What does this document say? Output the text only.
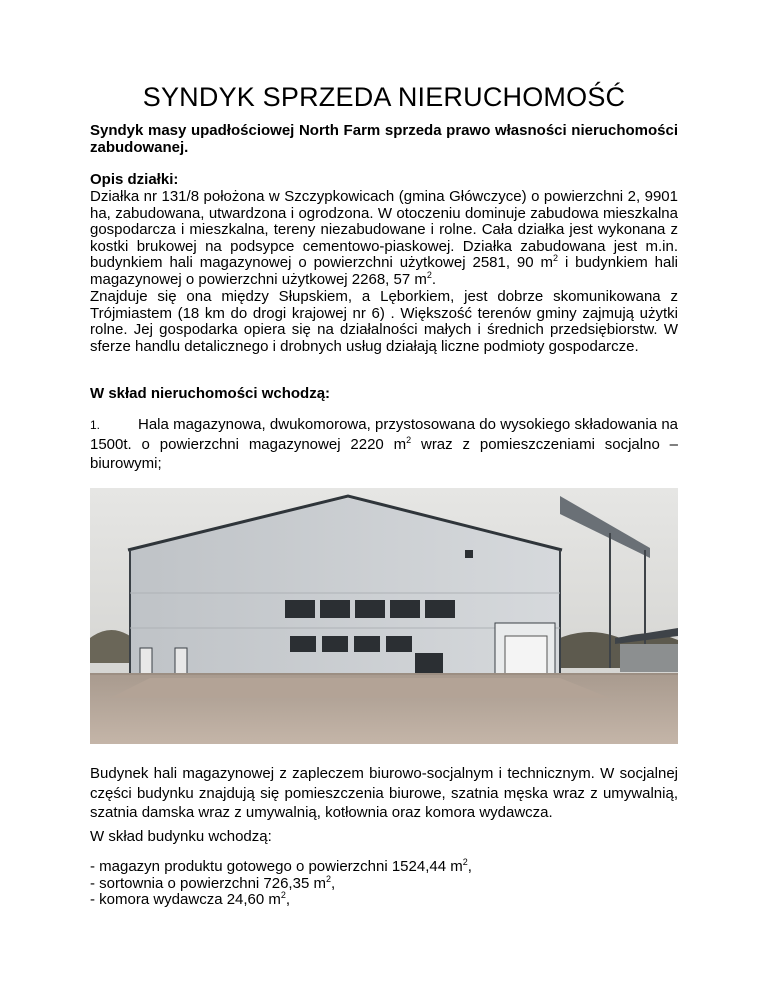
SYNDYK SPRZEDA NIERUCHOMOŚĆ

Syndyk masy upadłościowej North Farm sprzeda prawo własności nieruchomości zabudowanej.

Opis działki:

Działka nr 131/8 położona w Szczypkowicach (gmina Główczyce) o powierzchni 2, 9901 ha, zabudowana, utwardzona i ogrodzona. W otoczeniu dominuje zabudowa mieszkalna gospodarcza i mieszkalna, tereny niezabudowane i rolne. Cała działka jest wykonana z kostki brukowej na podsypce cementowo-piaskowej. Działka zabudowana jest m.in. budynkiem hali magazynowej o powierzchni użytkowej 2581, 90 $m^2$ i budynkiem hali magazynowej o powierzchni użytkowej 2268, 57 $m^2$.

Znajduje się ona między Słupskiem, a Lęborkiem, jest dobrze skomunikowana z Trójmiastem (18 km do drogi krajowej nr 6) . Większość terenów gminy zajmują użytki rolne. Jej gospodarka opiera się na działalności małych i średnich przedsiębiorstw. W sferze handlu detalicznego i drobnych usług działają liczne podmioty gospodarcze.

W skład nieruchomości wchodzą:

1.	Hala magazynowa, dwukomorowa, przystosowana do wysokiego składowania na 1500t. o powierzchni magazynowej 2220 $m^2$ wraz z pomieszczeniami socjalno – biurowymi;

Budynek hali magazynowej z zapleczem biurowo-socjalnym i technicznym. W socjalnej części budynku znajdują się pomieszczenia biurowe, szatnia męska wraz z umywalnią, szatnia damska wraz z umywalnią, kotłownia oraz komora wydawcza.

W skład budynku wchodzą:

- magazyn produktu gotowego o powierzchni 1524,44 $m^2$,
- sortownia o powierzchni 726,35 $m^2$,
- komora wydawcza 24,60 $m^2$,
